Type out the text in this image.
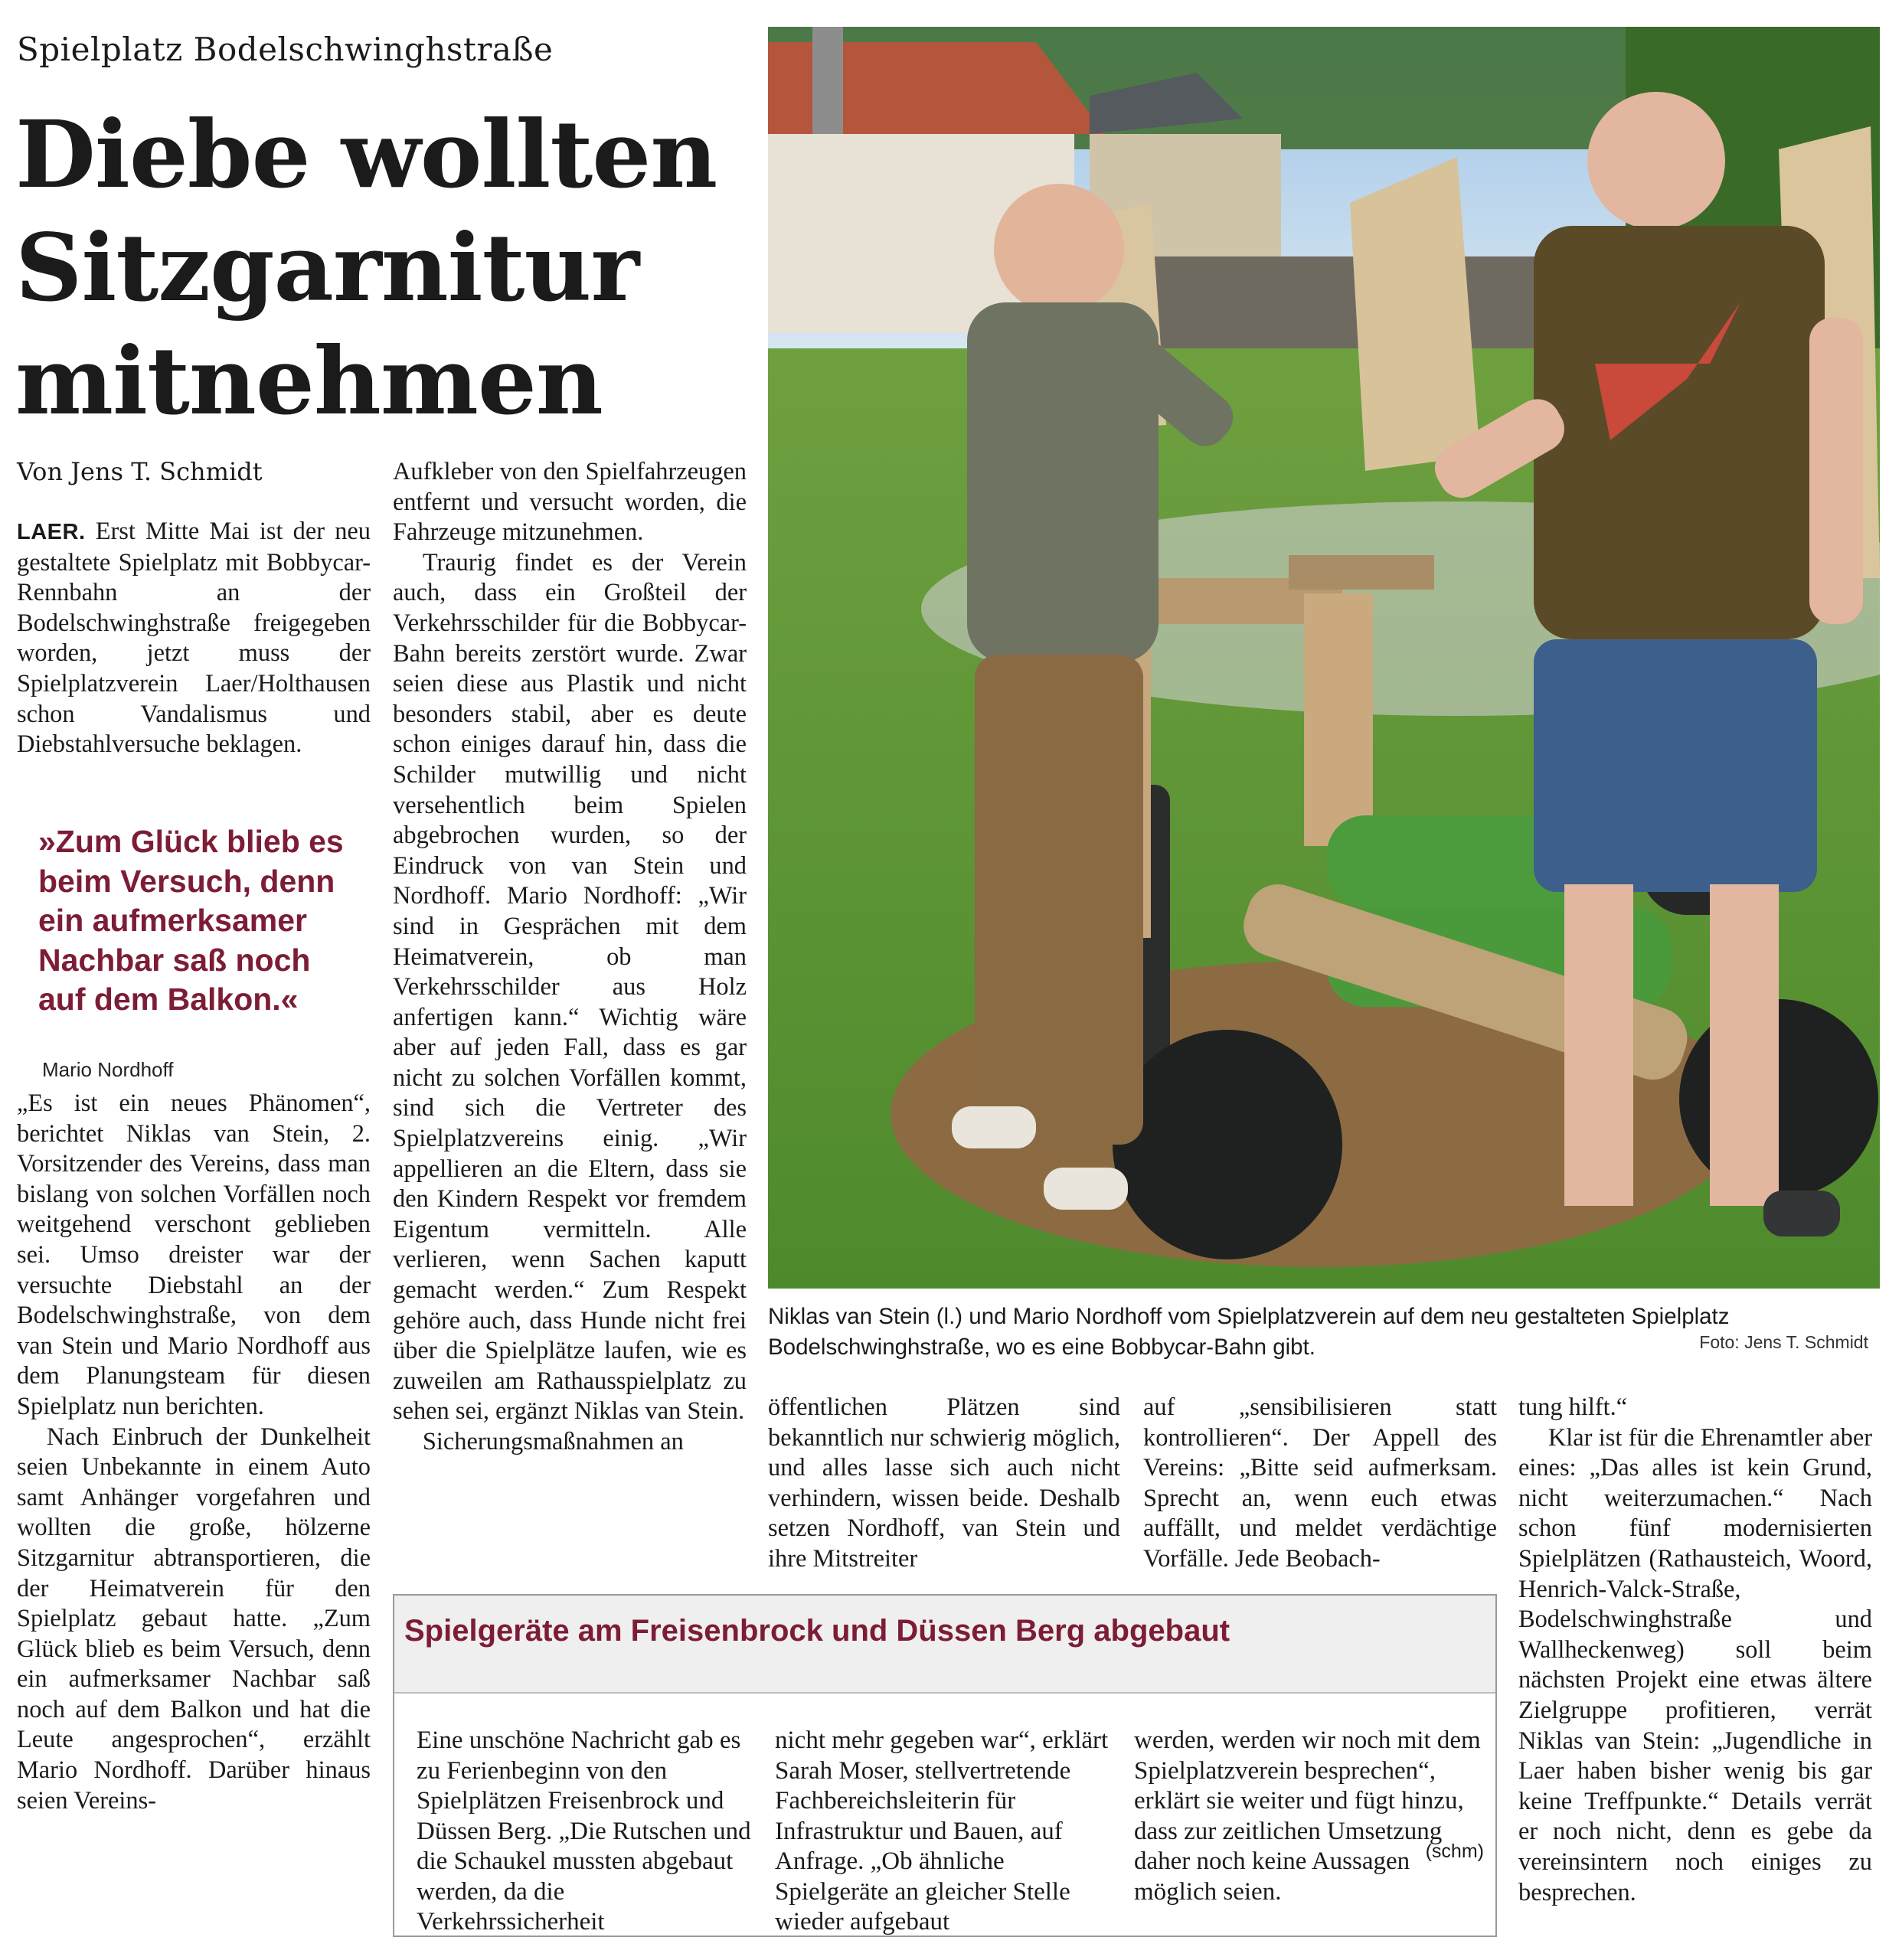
Spielplatz Bodelschwinghstraße
Diebe wollten
Sitzgarnitur
mitnehmen
Von Jens T. Schmidt

LAER. Erst Mitte Mai ist der neu gestaltete Spielplatz mit Bobbycar-Rennbahn an der Bodelschwinghstraße freigegeben worden, jetzt muss der Spielplatzverein Laer/Holthausen schon Vandalismus und Diebstahlversuche beklagen.

»Zum Glück blieb es beim Versuch, denn ein aufmerksamer Nachbar saß noch auf dem Balkon.«
Mario Nordhoff

„Es ist ein neues Phänomen“, berichtet Niklas van Stein, 2. Vorsitzender des Vereins, dass man bislang von solchen Vorfällen noch weitgehend verschont geblieben sei. Umso dreister war der versuchte Diebstahl an der Bodelschwinghstraße, von dem van Stein und Mario Nordhoff aus dem Planungsteam für diesen Spielplatz nun berichten.

Nach Einbruch der Dunkelheit seien Unbekannte in einem Auto samt Anhänger vorgefahren und wollten die große, hölzerne Sitzgarnitur abtransportieren, die der Heimatverein für den Spielplatz gebaut hatte. „Zum Glück blieb es beim Versuch, denn ein aufmerksamer Nachbar saß noch auf dem Balkon und hat die Leute angesprochen“, erzählt Mario Nordhoff. Darüber hinaus seien Vereins-

Aufkleber von den Spielfahrzeugen entfernt und versucht worden, die Fahrzeuge mitzunehmen.

Traurig findet es der Verein auch, dass ein Großteil der Verkehrsschilder für die Bobbycar-Bahn bereits zerstört wurde. Zwar seien diese aus Plastik und nicht besonders stabil, aber es deute schon einiges darauf hin, dass die Schilder mutwillig und nicht versehentlich beim Spielen abgebrochen wurden, so der Eindruck von van Stein und Nordhoff. Mario Nordhoff: „Wir sind in Gesprächen mit dem Heimatverein, ob man Verkehrsschilder aus Holz anfertigen kann.“ Wichtig wäre aber auf jeden Fall, dass es gar nicht zu solchen Vorfällen kommt, sind sich die Vertreter des Spielplatzvereins einig. „Wir appellieren an die Eltern, dass sie den Kindern Respekt vor fremdem Eigentum vermitteln. Alle verlieren, wenn Sachen kaputt gemacht werden.“ Zum Respekt gehöre auch, dass Hunde nicht frei über die Spielplätze laufen, wie es zuweilen am Rathausspielplatz zu sehen sei, ergänzt Niklas van Stein.

Sicherungsmaßnahmen an

Niklas van Stein (l.) und Mario Nordhoff vom Spielplatzverein auf dem neu gestalteten Spielplatz Bodelschwinghstraße, wo es eine Bobbycar-Bahn gibt.	Foto: Jens T. Schmidt

öffentlichen Plätzen sind bekanntlich nur schwierig möglich, und alles lasse sich auch nicht verhindern, wissen beide. Deshalb setzen Nordhoff, van Stein und ihre Mitstreiter

auf „sensibilisieren statt kontrollieren“. Der Appell des Vereins: „Bitte seid aufmerksam. Sprecht an, wenn euch etwas auffällt, und meldet verdächtige Vorfälle. Jede Beobach-

tung hilft.“

Klar ist für die Ehrenamtler aber eines: „Das alles ist kein Grund, nicht weiterzumachen.“ Nach schon fünf modernisierten Spielplätzen (Rathausteich, Woord, Henrich-Valck-Straße, Bodelschwinghstraße und Wallheckenweg) soll beim nächsten Projekt eine etwas ältere Zielgruppe profitieren, verrät Niklas van Stein: „Jugendliche in Laer haben bisher wenig bis gar keine Treffpunkte.“ Details verrät er noch nicht, denn es gebe da vereinsintern noch einiges zu besprechen.

Spielgeräte am Freisenbrock und Düssen Berg abgebaut

Eine unschöne Nachricht gab es zu Ferienbeginn von den Spielplätzen Freisenbrock und Düssen Berg. „Die Rutschen und die Schaukel mussten abgebaut werden, da die Verkehrssicherheit

nicht mehr gegeben war“, erklärt Sarah Moser, stellvertretende Fachbereichsleiterin für Infrastruktur und Bauen, auf Anfrage. „Ob ähnliche Spielgeräte an gleicher Stelle wieder aufgebaut

werden, werden wir noch mit dem Spielplatzverein besprechen“, erklärt sie weiter und fügt hinzu, dass zur zeitlichen Umsetzung daher noch keine Aussagen möglich seien.

(schm)
